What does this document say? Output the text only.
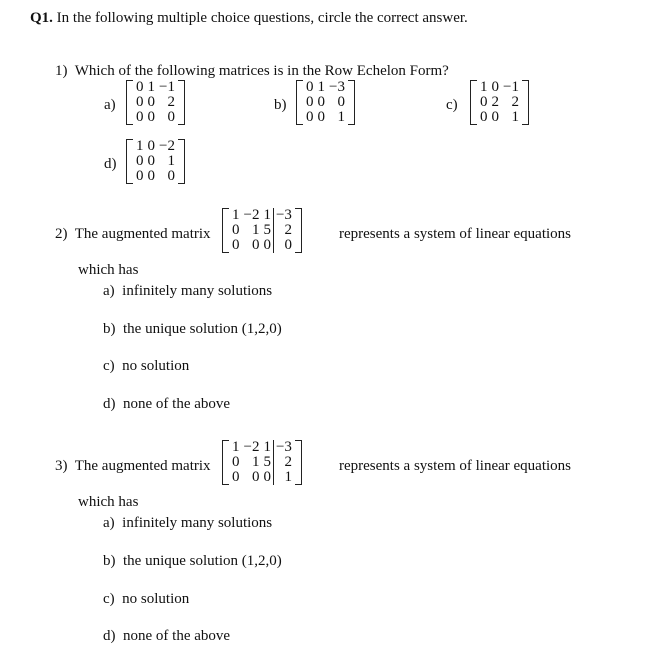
Q1. In the following multiple choice questions, circle the correct answer.
1) Which of the following matrices is in the Row Echelon Form?
a)
0 1 −1
0 0 2
0 0 0
b)
0 1 −3
0 0 0
0 0 1
c)
1 0 −1
0 2 2
0 0 1
d)
1 0 −2
0 0 1
0 0 0
2) The augmented matrix
1 −2 1 −3
0 1 5 2
0 0 0 0
represents a system of linear equations
which has
a) infinitely many solutions
b) the unique solution (1,2,0)
c) no solution
d) none of the above
3) The augmented matrix
1 −2 1 −3
0 1 5 2
0 0 0 1
represents a system of linear equations
which has
a) infinitely many solutions
b) the unique solution (1,2,0)
c) no solution
d) none of the above
